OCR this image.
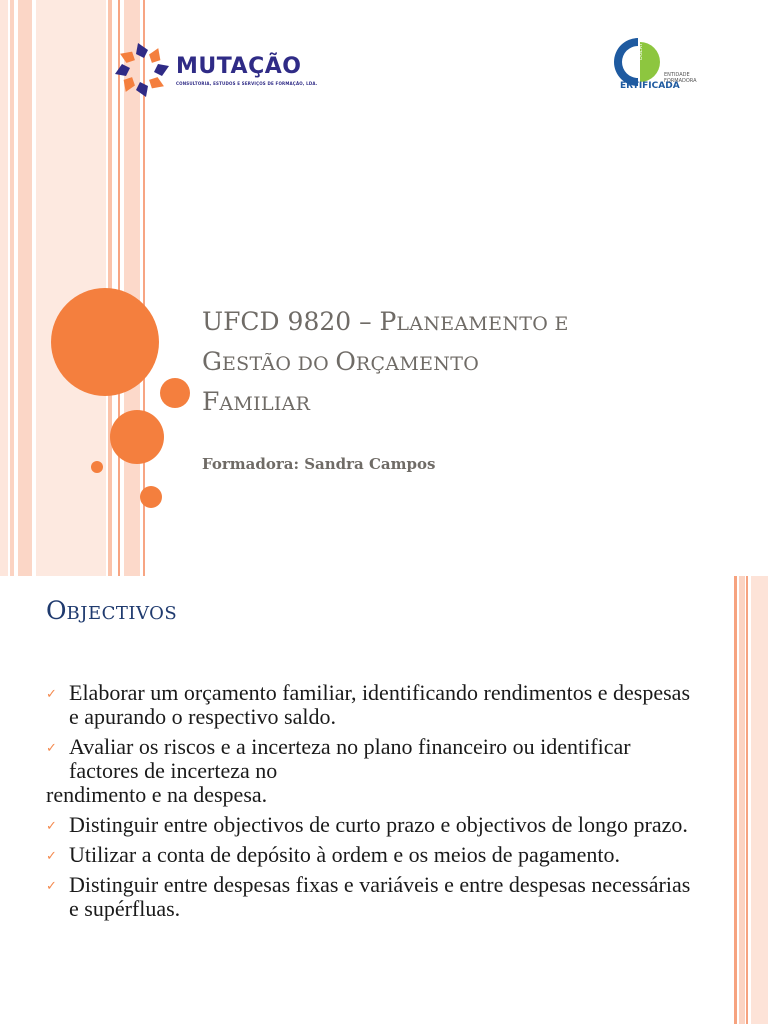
MUTAÇÃO
CONSULTORIA, ESTUDOS E SERVIÇOS DE FORMAÇÃO, LDA.
DGERT
ENTIDADE
FORMADORA
ERTIFICADA
UFCD 9820 – PLANEAMENTO E
GESTÃO DO ORÇAMENTO
FAMILIAR

Formadora: Sandra Campos

OBJECTIVOS
✓ Elaborar um orçamento familiar, identificando rendimentos e despesas e apurando o respectivo saldo.
✓ Avaliar os riscos e a incerteza no plano financeiro ou identificar factores de incerteza no
rendimento e na despesa.
✓ Distinguir entre objectivos de curto prazo e objectivos de longo prazo.
✓ Utilizar a conta de depósito à ordem e os meios de pagamento.
✓ Distinguir entre despesas fixas e variáveis e entre despesas necessárias e supérfluas.
